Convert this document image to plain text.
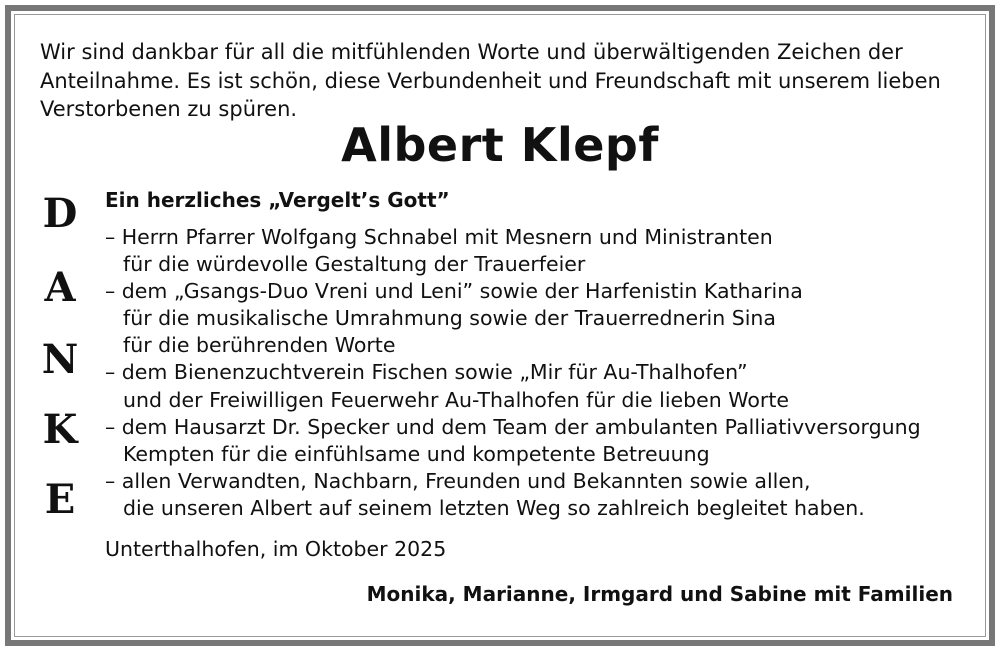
Wir sind dankbar für all die mitfühlenden Worte und überwältigenden Zeichen der
Anteilnahme. Es ist schön, diese Verbundenheit und Freundschaft mit unserem lieben
Verstorbenen zu spüren.
Albert Klepf
D
A
N
K
E

Ein herzliches „Vergelt’s Gott”

– Herrn Pfarrer Wolfgang Schnabel mit Mesnern und Ministranten
für die würdevolle Gestaltung der Trauerfeier
– dem „Gsangs-Duo Vreni und Leni” sowie der Harfenistin Katharina
für die musikalische Umrahmung sowie der Trauerrednerin Sina
für die berührenden Worte
– dem Bienenzuchtverein Fischen sowie „Mir für Au-Thalhofen”
und der Freiwilligen Feuerwehr Au-Thalhofen für die lieben Worte
– dem Hausarzt Dr. Specker und dem Team der ambulanten Palliativversorgung
Kempten für die einfühlsame und kompetente Betreuung
– allen Verwandten, Nachbarn, Freunden und Bekannten sowie allen,
die unseren Albert auf seinem letzten Weg so zahlreich begleitet haben.

Unterthalhofen, im Oktober 2025

Monika, Marianne, Irmgard und Sabine mit Familien
